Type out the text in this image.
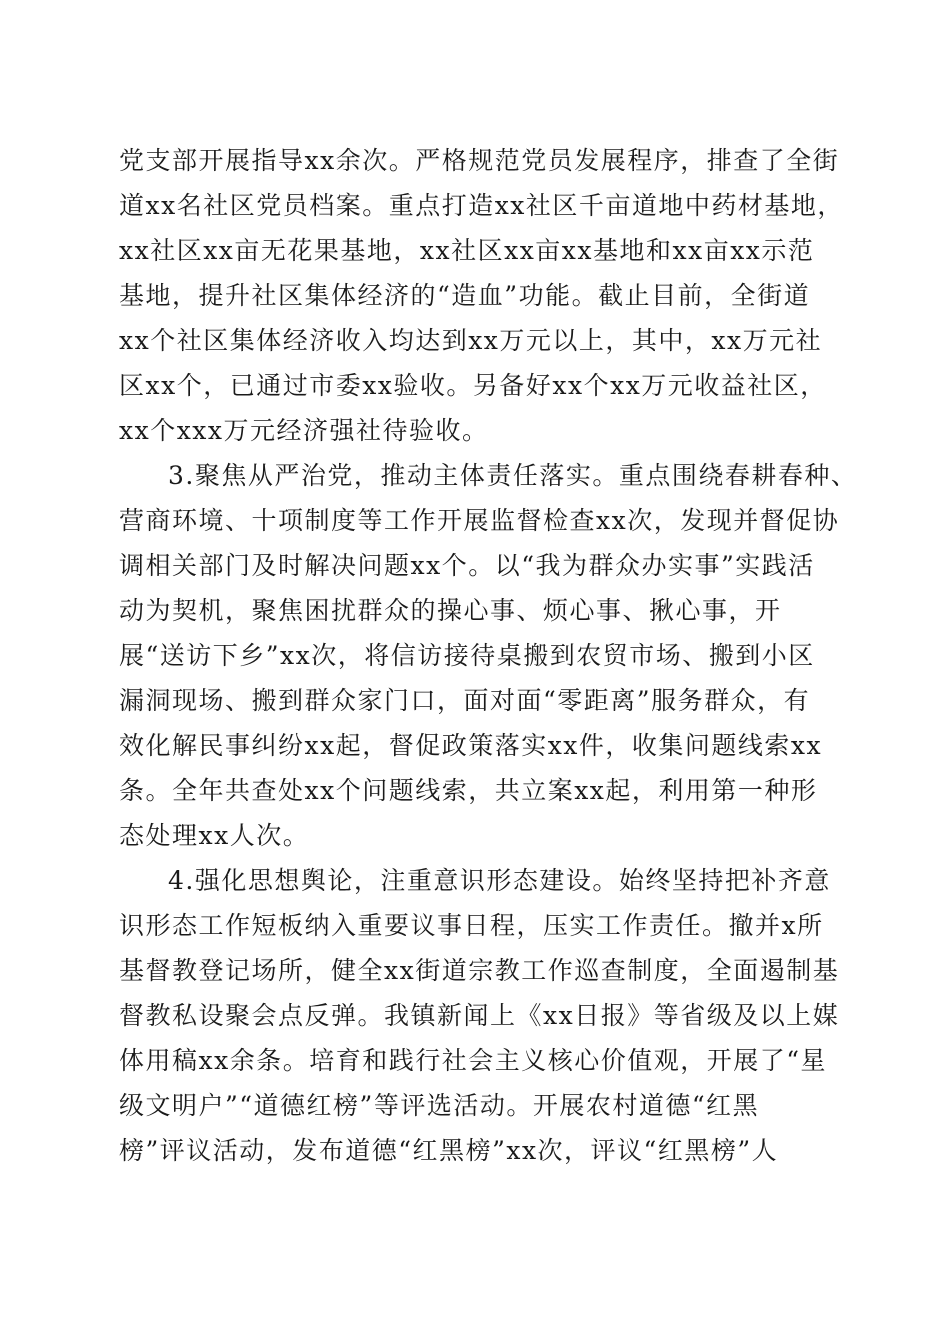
党支部开展指导xx余次。严格规范党员发展程序，排查了全街
道xx名社区党员档案。重点打造xx社区千亩道地中药材基地，
xx社区xx亩无花果基地，xx社区xx亩xx基地和xx亩xx示范
基地，提升社区集体经济的“造血”功能。截止目前，全街道
xx个社区集体经济收入均达到xx万元以上，其中，xx万元社
区xx个，已通过市委xx验收。另备好xx个xx万元收益社区，
xx个xxx万元经济强社待验收。
3.聚焦从严治党，推动主体责任落实。重点围绕春耕春种、
营商环境、十项制度等工作开展监督检查xx次，发现并督促协
调相关部门及时解决问题xx个。以“我为群众办实事”实践活
动为契机，聚焦困扰群众的操心事、烦心事、揪心事，开
展“送访下乡”xx次，将信访接待桌搬到农贸市场、搬到小区
漏洞现场、搬到群众家门口，面对面“零距离”服务群众，有
效化解民事纠纷xx起，督促政策落实xx件，收集问题线索xx
条。全年共查处xx个问题线索，共立案xx起，利用第一种形
态处理xx人次。
4.强化思想舆论，注重意识形态建设。始终坚持把补齐意
识形态工作短板纳入重要议事日程，压实工作责任。撤并x所
基督教登记场所，健全xx街道宗教工作巡查制度，全面遏制基
督教私设聚会点反弹。我镇新闻上《xx日报》等省级及以上媒
体用稿xx余条。培育和践行社会主义核心价值观，开展了“星
级文明户”“道德红榜”等评选活动。开展农村道德“红黑
榜”评议活动，发布道德“红黑榜”xx次，评议“红黑榜”人
